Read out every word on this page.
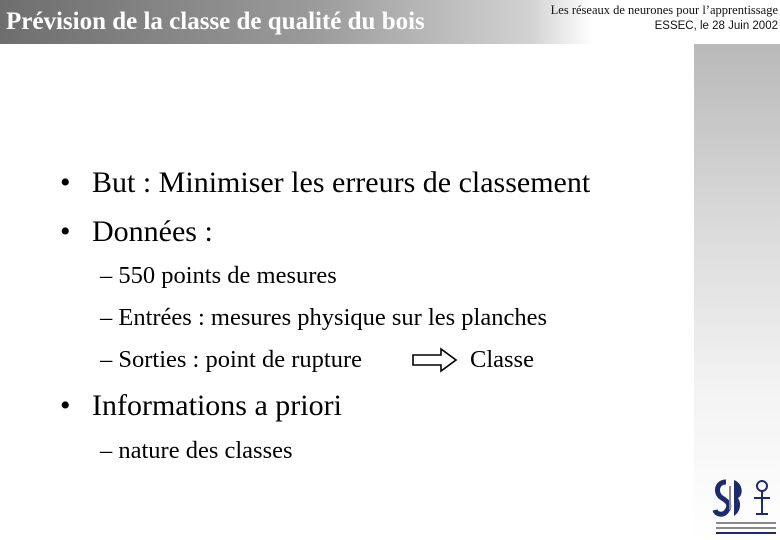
Prévision de la classe de qualité du bois	Les réseaux de neurones pour l’apprentissage
ESSEC, le 28 Juin 2002
• But : Minimiser les erreurs de classement
• Données :
– 550 points de mesures
– Entrées : mesures physique sur les planches
– Sorties : point de rupture	Classe
• Informations a priori
– nature des classes
